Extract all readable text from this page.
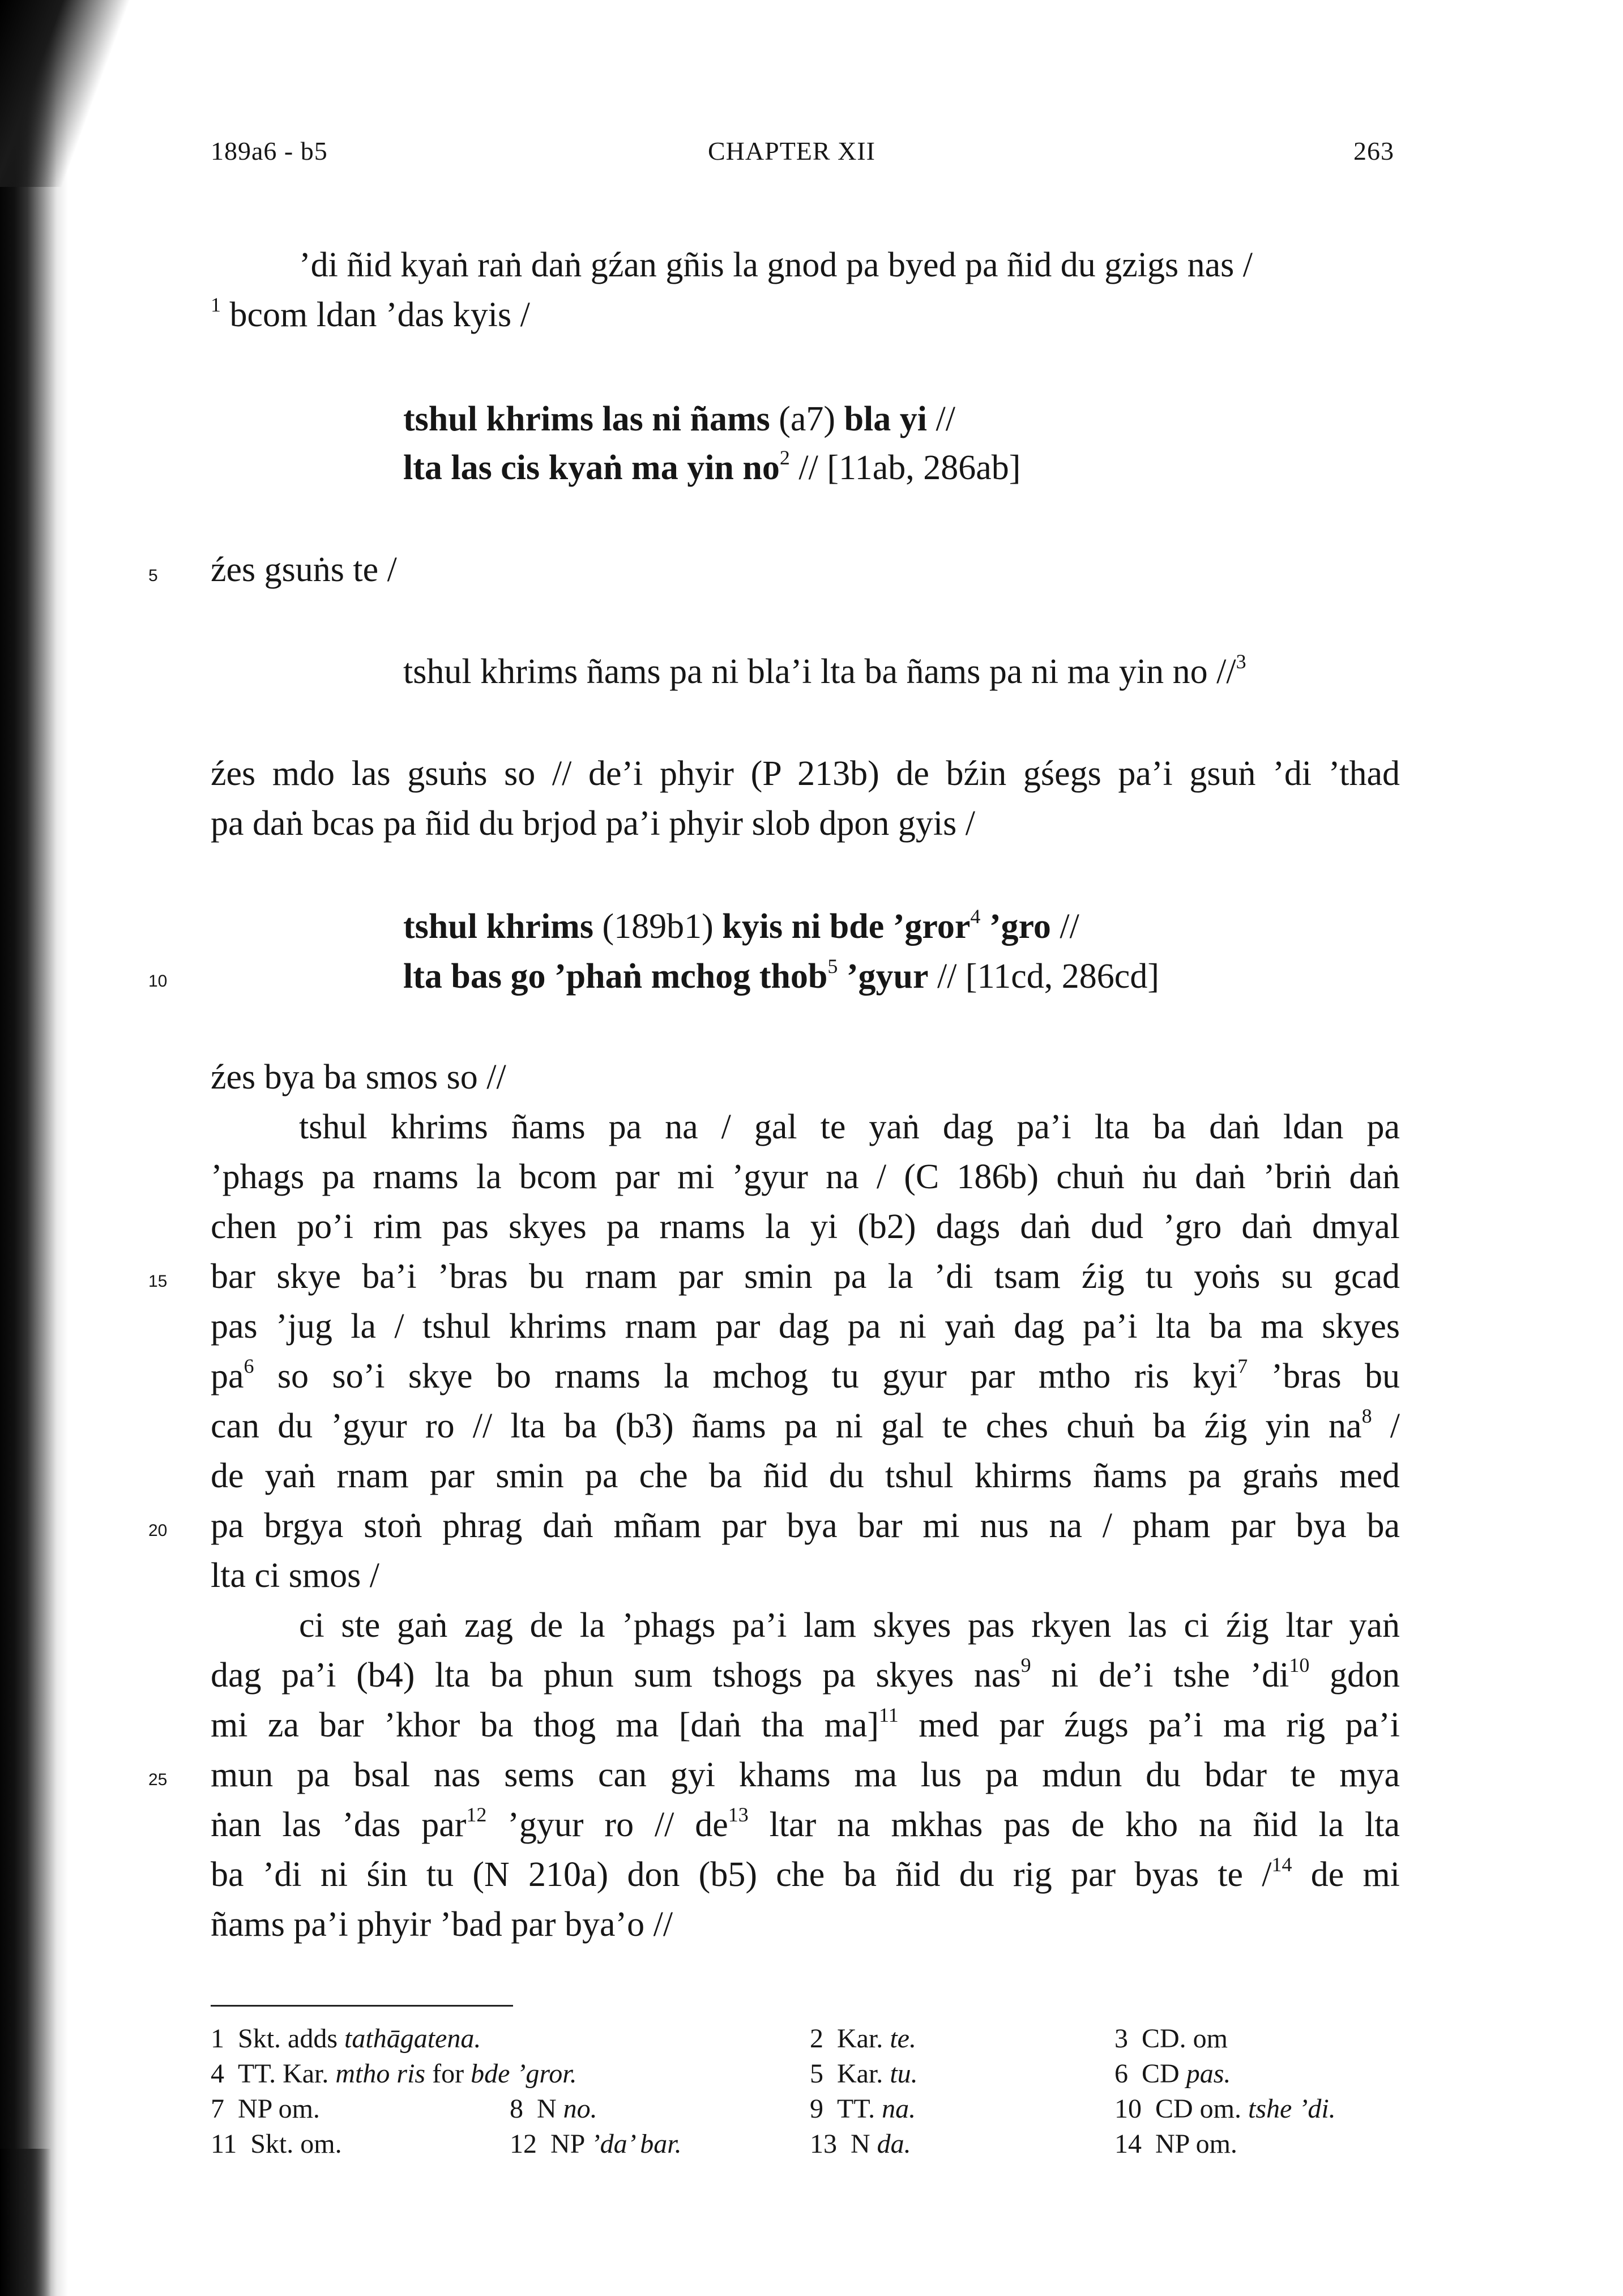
189a6 - b5	CHAPTER XII	263
’di ñid kyaṅ raṅ daṅ gźan gñis la gnod pa byed pa ñid du gzigs nas /
$^1$ bcom ldan ’das kyis /
tshul khrims las ni ñams (a7) bla yi //
lta las cis kyaṅ ma yin $no^2 // [11ab$, 286ab]
5 źes gsuṅs te /
tshul khrims ñams pa ni bla’i lta ba ñams pa ni ma yin no //$^3$
źes mdo las gsuṅs so // de’i phyir (P 213b) de bźin gśegs pa’i gsuṅ ’di ’thad
pa daṅ bcas pa ñid du brjod pa’i phyir slob dpon gyis /
tshul khrims (189b1) kyis ni bde ’gror$^4$ ’gro //
10	lta bas go ’phaṅ mchog thob$^5$ ’gyur // [11cd, 286cd]
źes bya ba smos so //
tshul khrims ñams pa na / gal te yaṅ dag pa’i lta ba daṅ ldan pa
’phags pa rnams la bcom par mi ’gyur na / (C 186b) chuṅ ṅu daṅ ’briṅ daṅ
chen po’i rim pas skyes pa rnams la yi (b2) dags daṅ dud ’gro daṅ dmyal
15 bar skye ba’i ’bras bu rnam par smin pa la ’di tsam źig tu yoṅs su gcad
pas ’jug la / tshul khrims rnam par dag pa ni yaṅ dag pa’i lta ba ma skyes
$pa^6$ so so’i skye bo rnams la mchog tu gyur par mtho ris kyi$^7$ ’bras bu
can du ’gyur ro // lta ba (b3) ñams pa ni gal te ches chuṅ ba źig yin $na^8$ /
de yaṅ rnam par smin pa che ba ñid du tshul khirms ñams pa graṅs med
20 pa brgya stoṅ phrag daṅ mñam par bya bar mi nus na / pham par bya ba
lta ci smos /
ci ste gaṅ zag de la ’phags pa’i lam skyes pas rkyen las ci źig ltar yaṅ
dag pa’i (b4) lta ba phun sum tshogs pa skyes nas$^9$ ni de’i tshe $’di^{10}$ gdon
mi za bar ’khor ba thog ma [daṅ tha ma]$^{11}$ med par źugs pa’i ma rig pa’i
25 mun pa bsal nas sems can gyi khams ma lus pa mdun du bdar te mya
ṅan las ’das par$^{12}$ ’gyur ro // $de^{13}$ ltar na mkhas pas de kho na ñid la lta
ba ’di ni śin tu (N 210a) don (b5) che ba ñid du rig par byas te /$^{14}$ de mi
ñams pa’i phyir ’bad par bya’o //
1 Skt. adds tathāgatena.	2 Kar. te.	3 CD. om
4 TT. Kar. mtho ris for bde ’gror.	5 Kar. tu.	6 CD pas.
7 NP om.	8 N no.	9 TT. na.	10 CD om. tshe ’di.
11 Skt. om.	12 NP ’da’ bar.	13 N da.	14 NP om.
